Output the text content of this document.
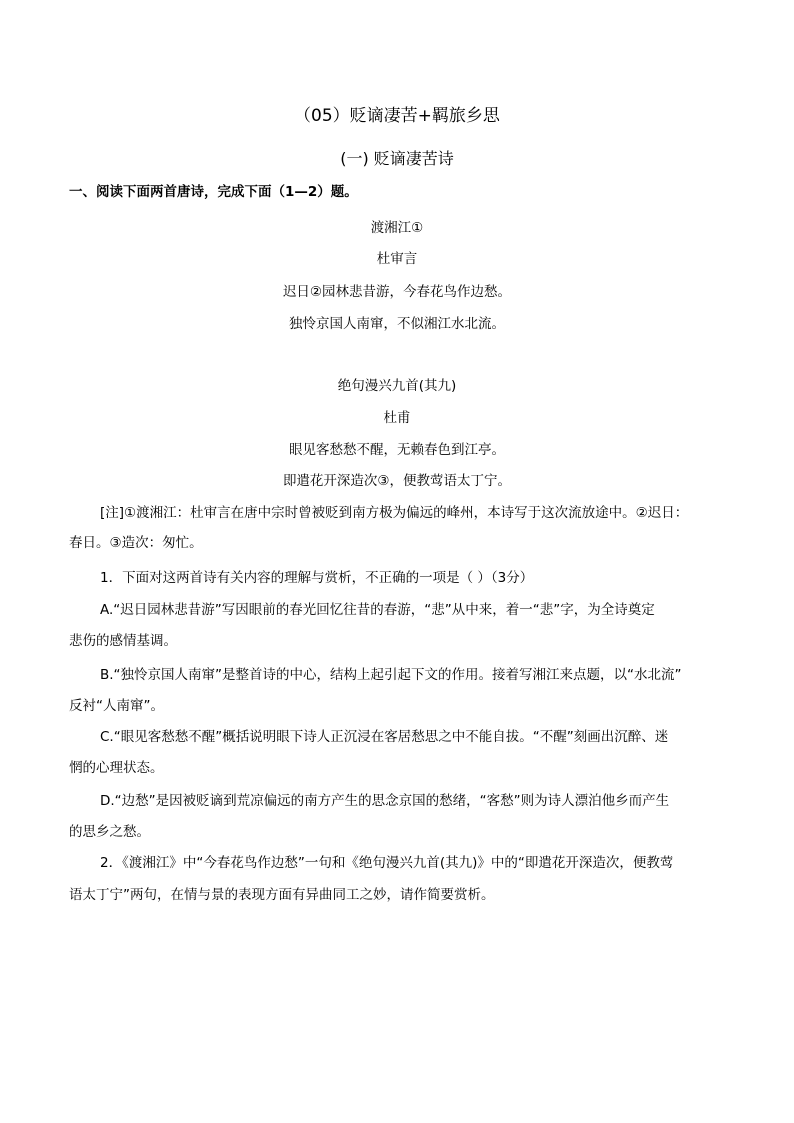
（05）贬谪凄苦+羁旅乡思
(一) 贬谪凄苦诗
一、阅读下面两首唐诗，完成下面（1—2）题。
渡湘江①
杜审言
迟日②园林悲昔游，今春花鸟作边愁。
独怜京国人南窜，不似湘江水北流。
绝句漫兴九首(其九)
杜甫
眼见客愁愁不醒，无赖春色到江亭。
即遣花开深造次③，便教莺语太丁宁。
[注]①渡湘江：杜审言在唐中宗时曾被贬到南方极为偏远的峰州，本诗写于这次流放途中。②迟日：
春日。③造次：匆忙。
1．下面对这两首诗有关内容的理解与赏析，不正确的一项是（ ）（3分）
A.“迟日园林悲昔游”写因眼前的春光回忆往昔的春游，“悲”从中来，着一“悲”字，为全诗奠定
悲伤的感情基调。
B.“独怜京国人南窜”是整首诗的中心，结构上起引起下文的作用。接着写湘江来点题，以“水北流”
反衬“人南窜”。
C.“眼见客愁愁不醒”概括说明眼下诗人正沉浸在客居愁思之中不能自拔。“不醒”刻画出沉醉、迷
惘的心理状态。
D.“边愁”是因被贬谪到荒凉偏远的南方产生的思念京国的愁绪，“客愁”则为诗人漂泊他乡而产生
的思乡之愁。
2．《渡湘江》中“今春花鸟作边愁”一句和《绝句漫兴九首(其九)》中的“即遣花开深造次，便教莺
语太丁宁”两句，在情与景的表现方面有异曲同工之妙，请作简要赏析。
